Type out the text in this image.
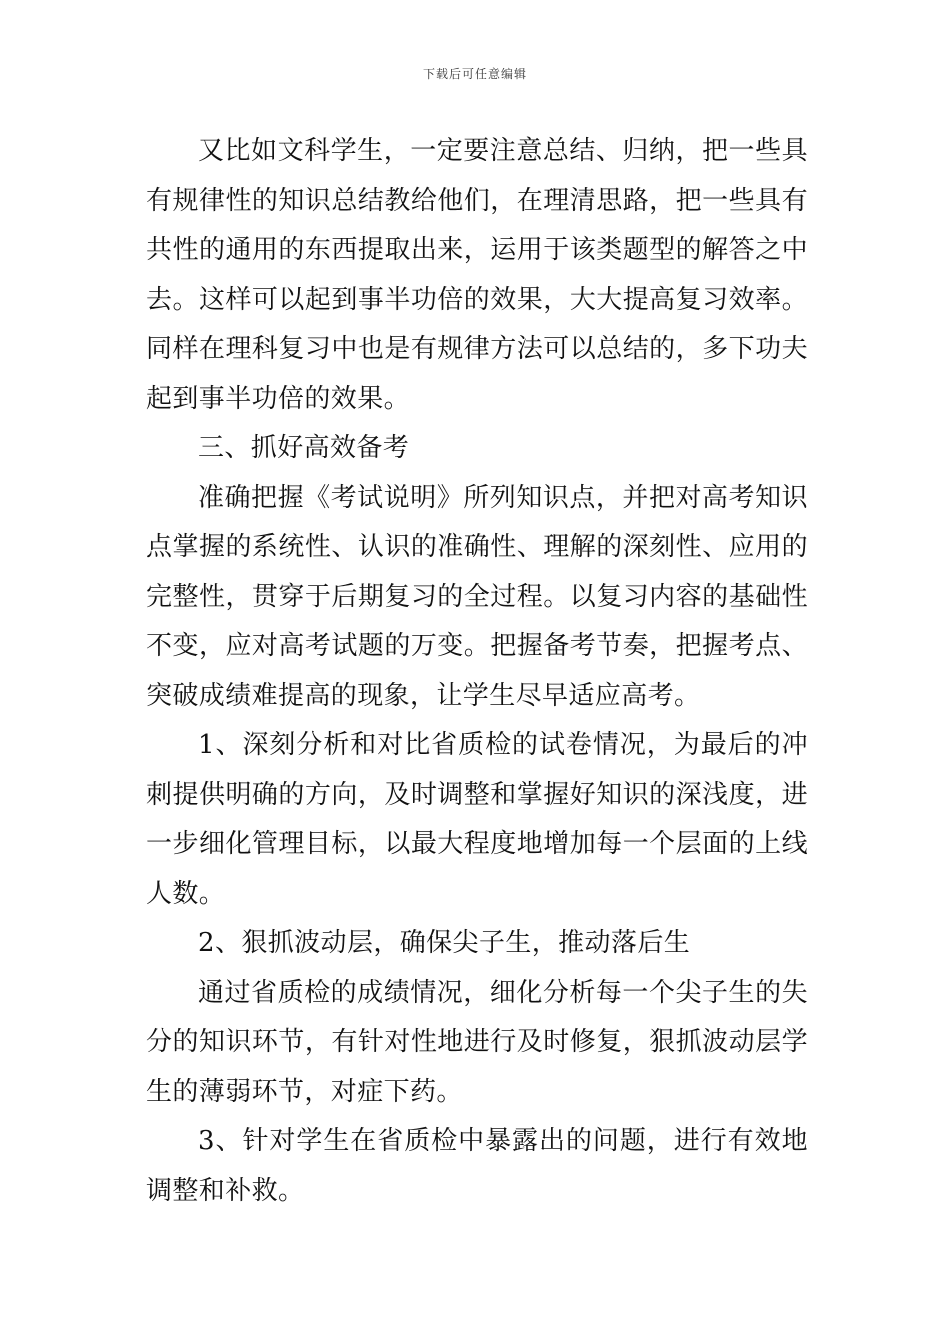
下载后可任意编辑

又比如文科学生，一定要注意总结、归纳，把一些具有规律性的知识总结教给他们，在理清思路，把一些具有共性的通用的东西提取出来，运用于该类题型的解答之中去。这样可以起到事半功倍的效果，大大提高复习效率。同样在理科复习中也是有规律方法可以总结的，多下功夫起到事半功倍的效果。

三、抓好高效备考

准确把握《考试说明》所列知识点，并把对高考知识点掌握的系统性、认识的准确性、理解的深刻性、应用的完整性，贯穿于后期复习的全过程。以复习内容的基础性不变，应对高考试题的万变。把握备考节奏，把握考点、突破成绩难提高的现象，让学生尽早适应高考。

1、深刻分析和对比省质检的试卷情况，为最后的冲刺提供明确的方向，及时调整和掌握好知识的深浅度，进一步细化管理目标，以最大程度地增加每一个层面的上线人数。

2、狠抓波动层，确保尖子生，推动落后生

通过省质检的成绩情况，细化分析每一个尖子生的失分的知识环节，有针对性地进行及时修复，狠抓波动层学生的薄弱环节，对症下药。

3、针对学生在省质检中暴露出的问题，进行有效地调整和补救。
